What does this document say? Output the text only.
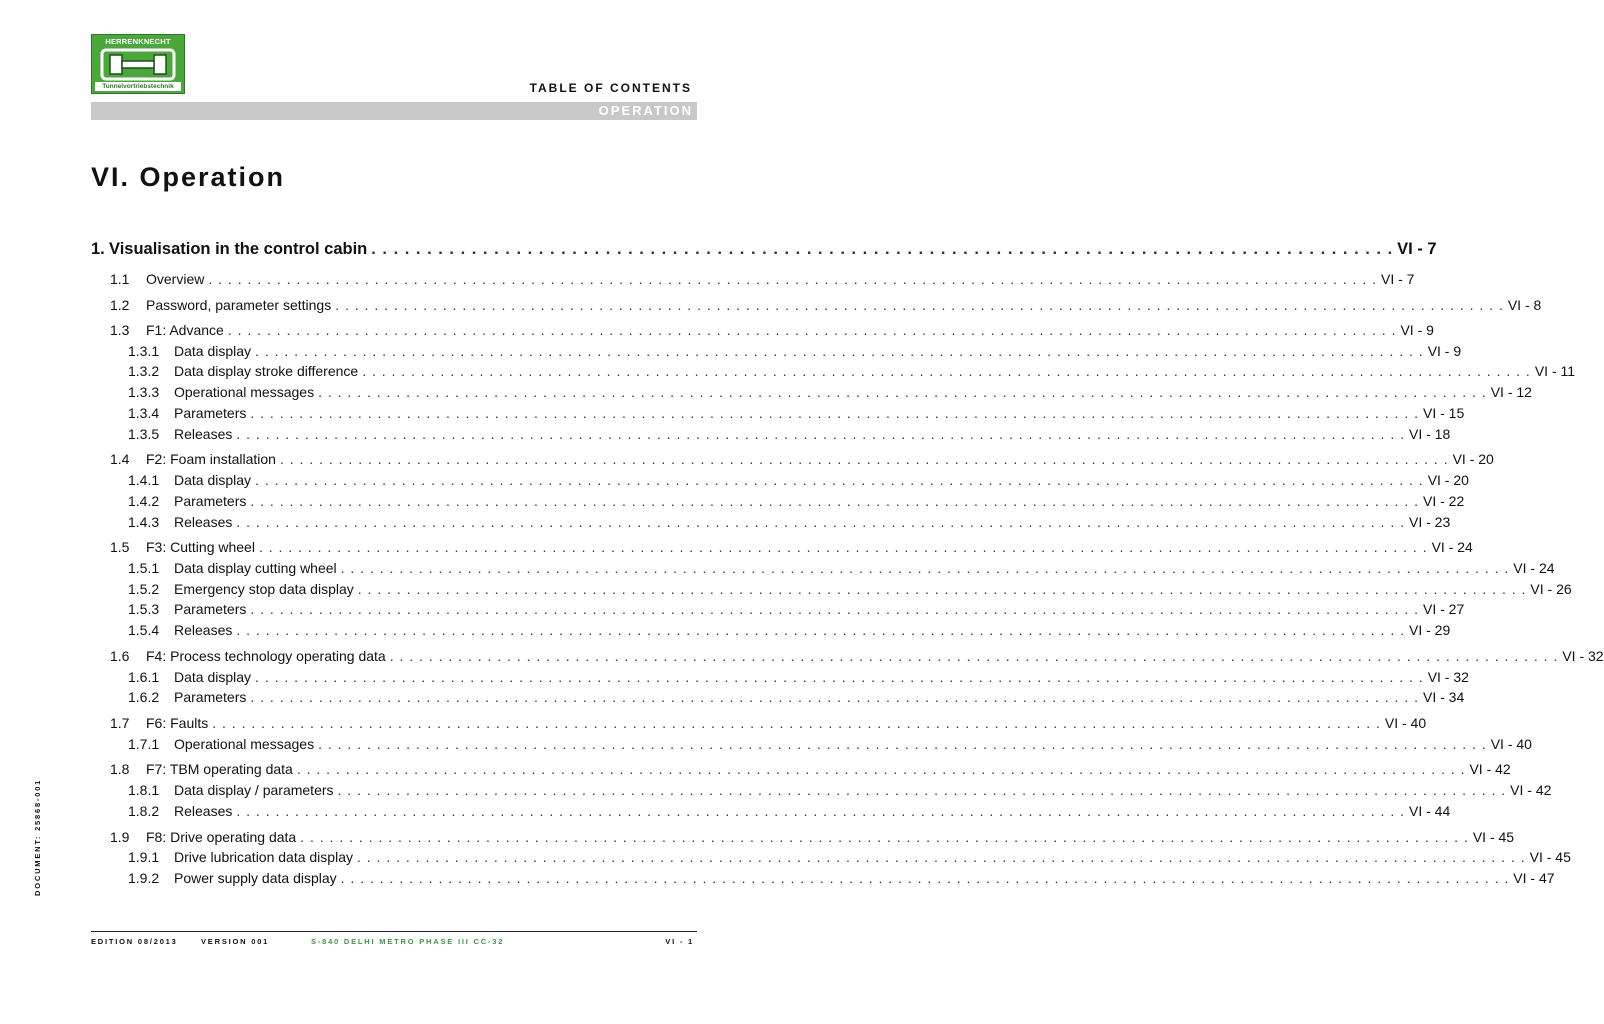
HERRENKNECHT
Tunnelvortriebstechnik	TABLE OF CONTENTS
OPERATION
VI. Operation
1. Visualisation in the control cabin . . . . . . . . . . . . . . . . . . . . . . . . . . . . . . . . . . . . . . . . . . . . . . . . . . . . . . . . . . . . . . . . . . . . . . . . . . . . . . . . . . . . . . . . . . . . VI - 7
1.1	Overview . . . . . . . . . . . . . . . . . . . . . . . . . . . . . . . . . . . . . . . . . . . . . . . . . . . . . . . . . . . . . . . . . . . . . . . . . . . . . . . . . . . . . . . . . . . . . . . . . . . . . . . . . . . . . . . . . . . . . . . . VI - 7
1.2	Password, parameter settings . . . . . . . . . . . . . . . . . . . . . . . . . . . . . . . . . . . . . . . . . . . . . . . . . . . . . . . . . . . . . . . . . . . . . . . . . . . . . . . . . . . . . . . . . . . . . . . . . . . . . . . . . . . . . . . . . . . . . . . . VI - 8
1.3	F1: Advance . . . . . . . . . . . . . . . . . . . . . . . . . . . . . . . . . . . . . . . . . . . . . . . . . . . . . . . . . . . . . . . . . . . . . . . . . . . . . . . . . . . . . . . . . . . . . . . . . . . . . . . . . . . . . . . . . . . . . . . . VI - 9
1.3.1	Data display . . . . . . . . . . . . . . . . . . . . . . . . . . . . . . . . . . . . . . . . . . . . . . . . . . . . . . . . . . . . . . . . . . . . . . . . . . . . . . . . . . . . . . . . . . . . . . . . . . . . . . . . . . . . . . . . . . . . . . . . VI - 9
1.3.2	Data display stroke difference . . . . . . . . . . . . . . . . . . . . . . . . . . . . . . . . . . . . . . . . . . . . . . . . . . . . . . . . . . . . . . . . . . . . . . . . . . . . . . . . . . . . . . . . . . . . . . . . . . . . . . . . . . . . . . . . . . . . . . . . VI - 11
1.3.3	Operational messages . . . . . . . . . . . . . . . . . . . . . . . . . . . . . . . . . . . . . . . . . . . . . . . . . . . . . . . . . . . . . . . . . . . . . . . . . . . . . . . . . . . . . . . . . . . . . . . . . . . . . . . . . . . . . . . . . . . . . . . . VI - 12
1.3.4	Parameters . . . . . . . . . . . . . . . . . . . . . . . . . . . . . . . . . . . . . . . . . . . . . . . . . . . . . . . . . . . . . . . . . . . . . . . . . . . . . . . . . . . . . . . . . . . . . . . . . . . . . . . . . . . . . . . . . . . . . . . . VI - 15
1.3.5	Releases . . . . . . . . . . . . . . . . . . . . . . . . . . . . . . . . . . . . . . . . . . . . . . . . . . . . . . . . . . . . . . . . . . . . . . . . . . . . . . . . . . . . . . . . . . . . . . . . . . . . . . . . . . . . . . . . . . . . . . . . VI - 18
1.4	F2: Foam installation . . . . . . . . . . . . . . . . . . . . . . . . . . . . . . . . . . . . . . . . . . . . . . . . . . . . . . . . . . . . . . . . . . . . . . . . . . . . . . . . . . . . . . . . . . . . . . . . . . . . . . . . . . . . . . . . . . . . . . . . VI - 20
1.4.1	Data display . . . . . . . . . . . . . . . . . . . . . . . . . . . . . . . . . . . . . . . . . . . . . . . . . . . . . . . . . . . . . . . . . . . . . . . . . . . . . . . . . . . . . . . . . . . . . . . . . . . . . . . . . . . . . . . . . . . . . . . . VI - 20
1.4.2	Parameters . . . . . . . . . . . . . . . . . . . . . . . . . . . . . . . . . . . . . . . . . . . . . . . . . . . . . . . . . . . . . . . . . . . . . . . . . . . . . . . . . . . . . . . . . . . . . . . . . . . . . . . . . . . . . . . . . . . . . . . . VI - 22
1.4.3	Releases . . . . . . . . . . . . . . . . . . . . . . . . . . . . . . . . . . . . . . . . . . . . . . . . . . . . . . . . . . . . . . . . . . . . . . . . . . . . . . . . . . . . . . . . . . . . . . . . . . . . . . . . . . . . . . . . . . . . . . . . VI - 23
1.5	F3: Cutting wheel . . . . . . . . . . . . . . . . . . . . . . . . . . . . . . . . . . . . . . . . . . . . . . . . . . . . . . . . . . . . . . . . . . . . . . . . . . . . . . . . . . . . . . . . . . . . . . . . . . . . . . . . . . . . . . . . . . . . . . . . VI - 24
1.5.1	Data display cutting wheel . . . . . . . . . . . . . . . . . . . . . . . . . . . . . . . . . . . . . . . . . . . . . . . . . . . . . . . . . . . . . . . . . . . . . . . . . . . . . . . . . . . . . . . . . . . . . . . . . . . . . . . . . . . . . . . . . . . . . . . . VI - 24
1.5.2	Emergency stop data display . . . . . . . . . . . . . . . . . . . . . . . . . . . . . . . . . . . . . . . . . . . . . . . . . . . . . . . . . . . . . . . . . . . . . . . . . . . . . . . . . . . . . . . . . . . . . . . . . . . . . . . . . . . . . . . . . . . . . . . . VI - 26
1.5.3	Parameters . . . . . . . . . . . . . . . . . . . . . . . . . . . . . . . . . . . . . . . . . . . . . . . . . . . . . . . . . . . . . . . . . . . . . . . . . . . . . . . . . . . . . . . . . . . . . . . . . . . . . . . . . . . . . . . . . . . . . . . . VI - 27
1.5.4	Releases . . . . . . . . . . . . . . . . . . . . . . . . . . . . . . . . . . . . . . . . . . . . . . . . . . . . . . . . . . . . . . . . . . . . . . . . . . . . . . . . . . . . . . . . . . . . . . . . . . . . . . . . . . . . . . . . . . . . . . . . VI - 29
1.6	F4: Process technology operating data . . . . . . . . . . . . . . . . . . . . . . . . . . . . . . . . . . . . . . . . . . . . . . . . . . . . . . . . . . . . . . . . . . . . . . . . . . . . . . . . . . . . . . . . . . . . . . . . . . . . . . . . . . . . . . . . . . . . . . . . VI - 32
1.6.1	Data display . . . . . . . . . . . . . . . . . . . . . . . . . . . . . . . . . . . . . . . . . . . . . . . . . . . . . . . . . . . . . . . . . . . . . . . . . . . . . . . . . . . . . . . . . . . . . . . . . . . . . . . . . . . . . . . . . . . . . . . . VI - 32
1.6.2	Parameters . . . . . . . . . . . . . . . . . . . . . . . . . . . . . . . . . . . . . . . . . . . . . . . . . . . . . . . . . . . . . . . . . . . . . . . . . . . . . . . . . . . . . . . . . . . . . . . . . . . . . . . . . . . . . . . . . . . . . . . . VI - 34
1.7	F6: Faults . . . . . . . . . . . . . . . . . . . . . . . . . . . . . . . . . . . . . . . . . . . . . . . . . . . . . . . . . . . . . . . . . . . . . . . . . . . . . . . . . . . . . . . . . . . . . . . . . . . . . . . . . . . . . . . . . . . . . . . . VI - 40
1.7.1	Operational messages . . . . . . . . . . . . . . . . . . . . . . . . . . . . . . . . . . . . . . . . . . . . . . . . . . . . . . . . . . . . . . . . . . . . . . . . . . . . . . . . . . . . . . . . . . . . . . . . . . . . . . . . . . . . . . . . . . . . . . . . VI - 40
1.8	F7: TBM operating data . . . . . . . . . . . . . . . . . . . . . . . . . . . . . . . . . . . . . . . . . . . . . . . . . . . . . . . . . . . . . . . . . . . . . . . . . . . . . . . . . . . . . . . . . . . . . . . . . . . . . . . . . . . . . . . . . . . . . . . . VI - 42
1.8.1	Data display / parameters . . . . . . . . . . . . . . . . . . . . . . . . . . . . . . . . . . . . . . . . . . . . . . . . . . . . . . . . . . . . . . . . . . . . . . . . . . . . . . . . . . . . . . . . . . . . . . . . . . . . . . . . . . . . . . . . . . . . . . . . VI - 42
1.8.2	Releases . . . . . . . . . . . . . . . . . . . . . . . . . . . . . . . . . . . . . . . . . . . . . . . . . . . . . . . . . . . . . . . . . . . . . . . . . . . . . . . . . . . . . . . . . . . . . . . . . . . . . . . . . . . . . . . . . . . . . . . . VI - 44
1.9	F8: Drive operating data . . . . . . . . . . . . . . . . . . . . . . . . . . . . . . . . . . . . . . . . . . . . . . . . . . . . . . . . . . . . . . . . . . . . . . . . . . . . . . . . . . . . . . . . . . . . . . . . . . . . . . . . . . . . . . . . . . . . . . . . VI - 45
1.9.1	Drive lubrication data display . . . . . . . . . . . . . . . . . . . . . . . . . . . . . . . . . . . . . . . . . . . . . . . . . . . . . . . . . . . . . . . . . . . . . . . . . . . . . . . . . . . . . . . . . . . . . . . . . . . . . . . . . . . . . . . . . . . . . . . . VI - 45
1.9.2	Power supply data display . . . . . . . . . . . . . . . . . . . . . . . . . . . . . . . . . . . . . . . . . . . . . . . . . . . . . . . . . . . . . . . . . . . . . . . . . . . . . . . . . . . . . . . . . . . . . . . . . . . . . . . . . . . . . . . . . . . . . . . . VI - 47
DOCUMENT: 25868-001
EDITION 08/2013	VERSION 001	S-840 DELHI METRO PHASE III CC-32	VI - 1
